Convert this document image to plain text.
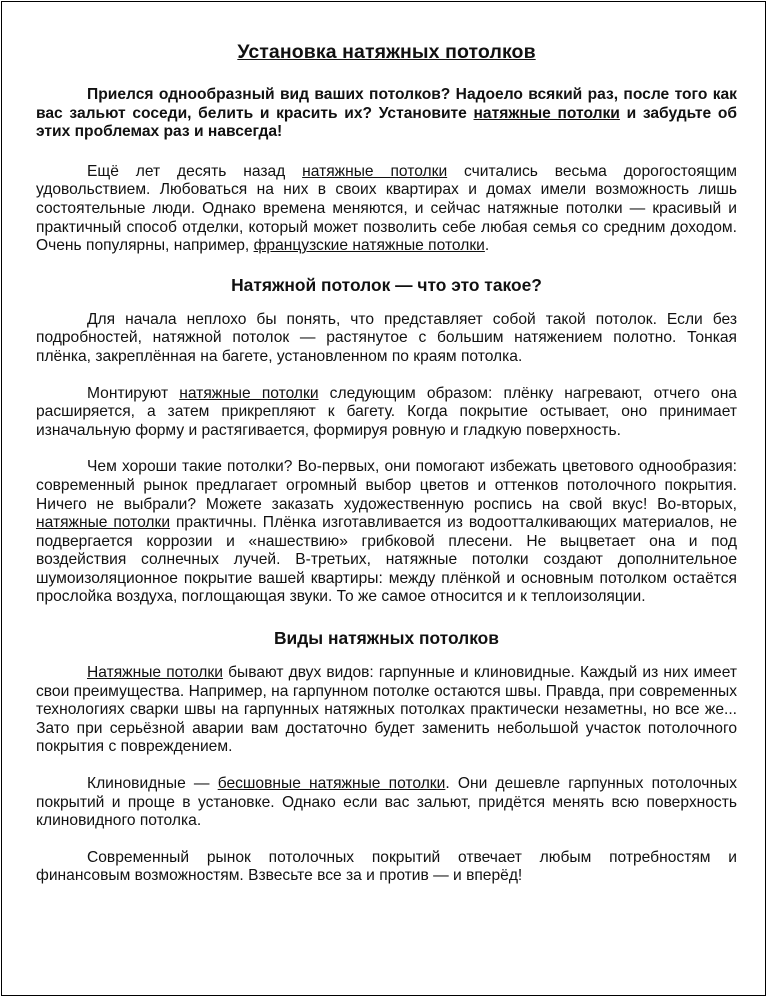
Установка натяжных потолков

Приелся однообразный вид ваших потолков? Надоело всякий раз, после того как вас зальют соседи, белить и красить их? Установите натяжные потолки и забудьте об этих проблемах раз и навсегда!

Ещё лет десять назад натяжные потолки считались весьма дорогостоящим удовольствием. Любоваться на них в своих квартирах и домах имели возможность лишь состоятельные люди. Однако времена меняются, и сейчас натяжные потолки — красивый и практичный способ отделки, который может позволить себе любая семья со средним доходом. Очень популярны, например, французские натяжные потолки.

Натяжной потолок — что это такое?

Для начала неплохо бы понять, что представляет собой такой потолок. Если без подробностей, натяжной потолок — растянутое с большим натяжением полотно. Тонкая плёнка, закреплённая на багете, установленном по краям потолка.

Монтируют натяжные потолки следующим образом: плёнку нагревают, отчего она расширяется, а затем прикрепляют к багету. Когда покрытие остывает, оно принимает изначальную форму и растягивается, формируя ровную и гладкую поверхность.

Чем хороши такие потолки? Во-первых, они помогают избежать цветового однообразия: современный рынок предлагает огромный выбор цветов и оттенков потолочного покрытия. Ничего не выбрали? Можете заказать художественную роспись на свой вкус! Во-вторых, натяжные потолки практичны. Плёнка изготавливается из водоотталкивающих материалов, не подвергается коррозии и «нашествию» грибковой плесени. Не выцветает она и под воздействия солнечных лучей. В-третьих, натяжные потолки создают дополнительное шумоизоляционное покрытие вашей квартиры: между плёнкой и основным потолком остаётся прослойка воздуха, поглощающая звуки. То же самое относится и к теплоизоляции.

Виды натяжных потолков

Натяжные потолки бывают двух видов: гарпунные и клиновидные. Каждый из них имеет свои преимущества. Например, на гарпунном потолке остаются швы. Правда, при современных технологиях сварки швы на гарпунных натяжных потолках практически незаметны, но все же... Зато при серьёзной аварии вам достаточно будет заменить небольшой участок потолочного покрытия с повреждением.

Клиновидные — бесшовные натяжные потолки. Они дешевле гарпунных потолочных покрытий и проще в установке. Однако если вас зальют, придётся менять всю поверхность клиновидного потолка.

Современный рынок потолочных покрытий отвечает любым потребностям и финансовым возможностям. Взвесьте все за и против — и вперёд!
